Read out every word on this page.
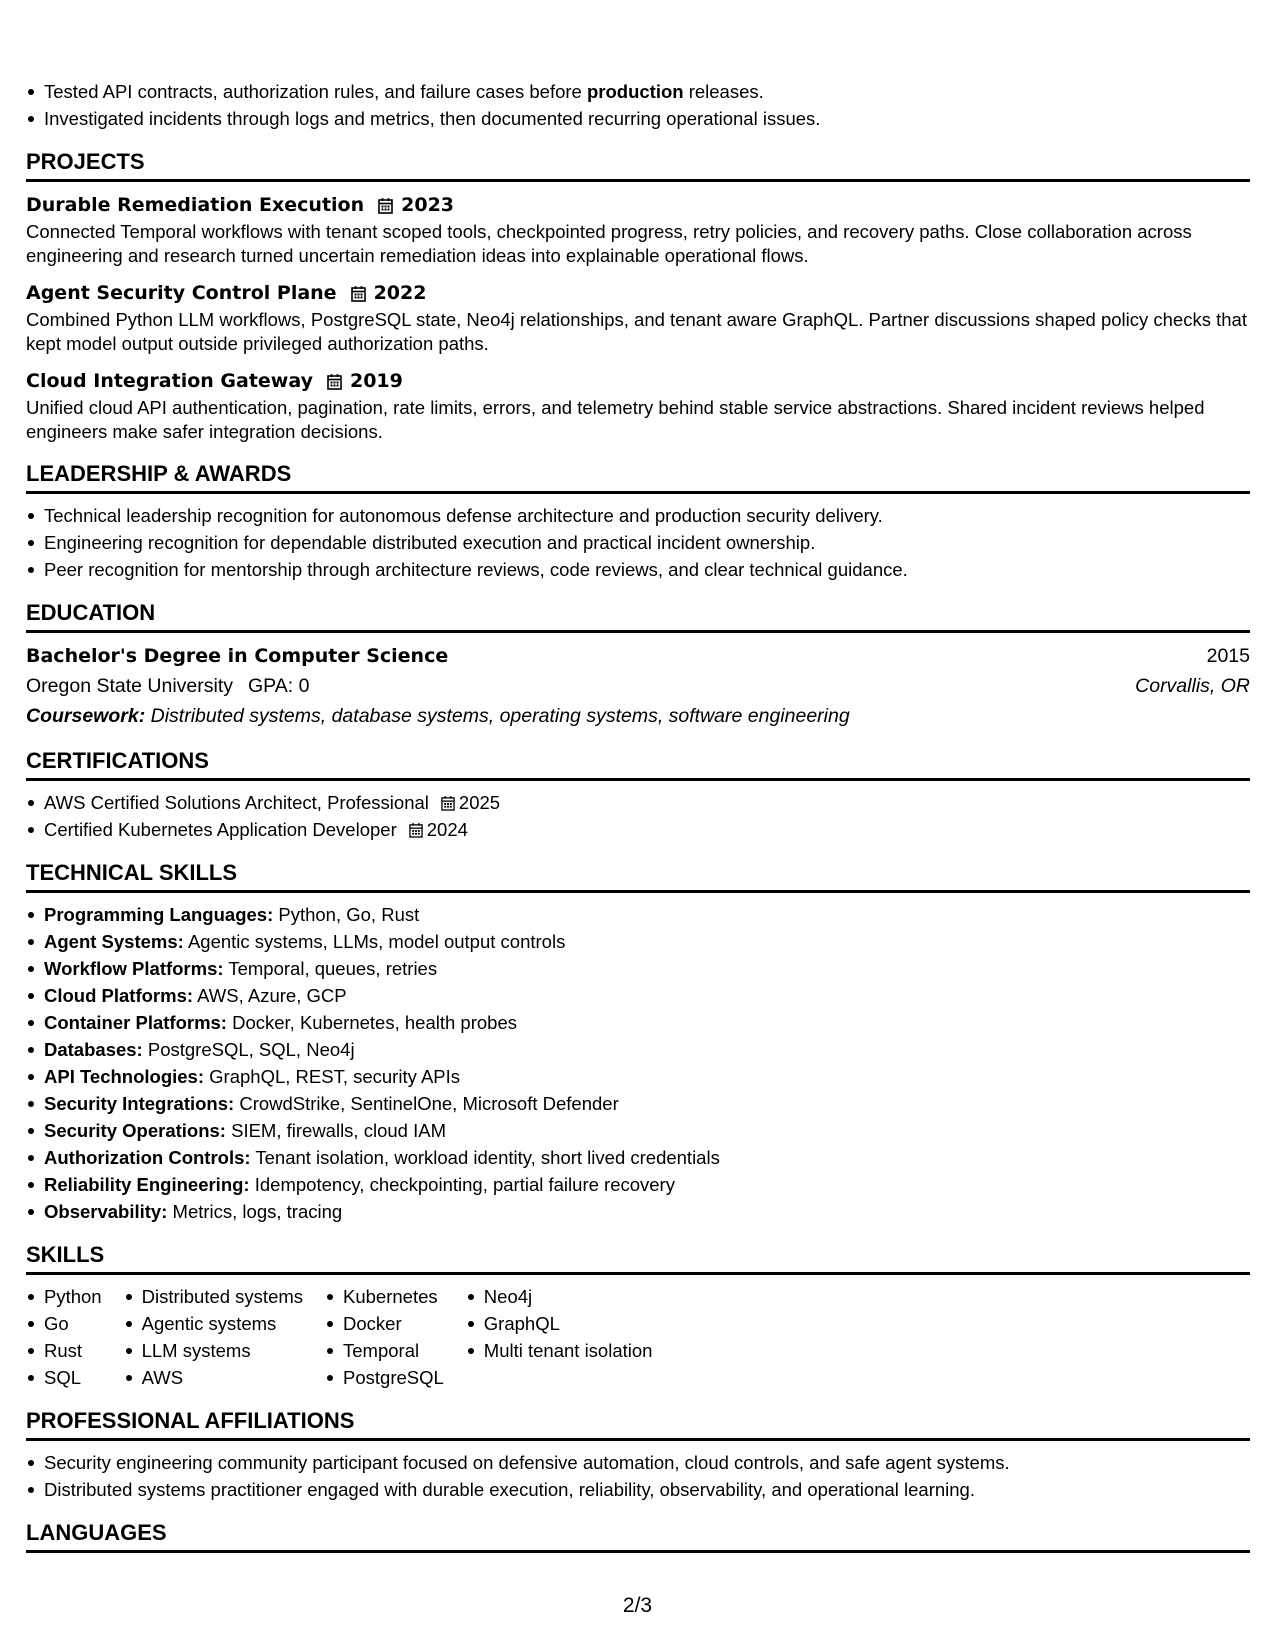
Tested API contracts, authorization rules, and failure cases before production releases.
Investigated incidents through logs and metrics, then documented recurring operational issues.
PROJECTS
Durable Remediation Execution 2023
Connected Temporal workflows with tenant scoped tools, checkpointed progress, retry policies, and recovery paths. Close collaboration across engineering and research turned uncertain remediation ideas into explainable operational flows.
Agent Security Control Plane 2022
Combined Python LLM workflows, PostgreSQL state, Neo4j relationships, and tenant aware GraphQL. Partner discussions shaped policy checks that kept model output outside privileged authorization paths.
Cloud Integration Gateway 2019
Unified cloud API authentication, pagination, rate limits, errors, and telemetry behind stable service abstractions. Shared incident reviews helped engineers make safer integration decisions.
LEADERSHIP & AWARDS
Technical leadership recognition for autonomous defense architecture and production security delivery.
Engineering recognition for dependable distributed execution and practical incident ownership.
Peer recognition for mentorship through architecture reviews, code reviews, and clear technical guidance.
EDUCATION
Bachelor's Degree in Computer Science	2015
Oregon State University GPA: 0	Corvallis, OR
Coursework: Distributed systems, database systems, operating systems, software engineering
CERTIFICATIONS
AWS Certified Solutions Architect, Professional 2025
Certified Kubernetes Application Developer 2024
TECHNICAL SKILLS
Programming Languages: Python, Go, Rust
Agent Systems: Agentic systems, LLMs, model output controls
Workflow Platforms: Temporal, queues, retries
Cloud Platforms: AWS, Azure, GCP
Container Platforms: Docker, Kubernetes, health probes
Databases: PostgreSQL, SQL, Neo4j
API Technologies: GraphQL, REST, security APIs
Security Integrations: CrowdStrike, SentinelOne, Microsoft Defender
Security Operations: SIEM, firewalls, cloud IAM
Authorization Controls: Tenant isolation, workload identity, short lived credentials
Reliability Engineering: Idempotency, checkpointing, partial failure recovery
Observability: Metrics, logs, tracing
SKILLS
Python
Go
Rust
SQL
Distributed systems
Agentic systems
LLM systems
AWS
Kubernetes
Docker
Temporal
PostgreSQL
Neo4j
GraphQL
Multi tenant isolation
PROFESSIONAL AFFILIATIONS
Security engineering community participant focused on defensive automation, cloud controls, and safe agent systems.
Distributed systems practitioner engaged with durable execution, reliability, observability, and operational learning.
LANGUAGES
2/3
